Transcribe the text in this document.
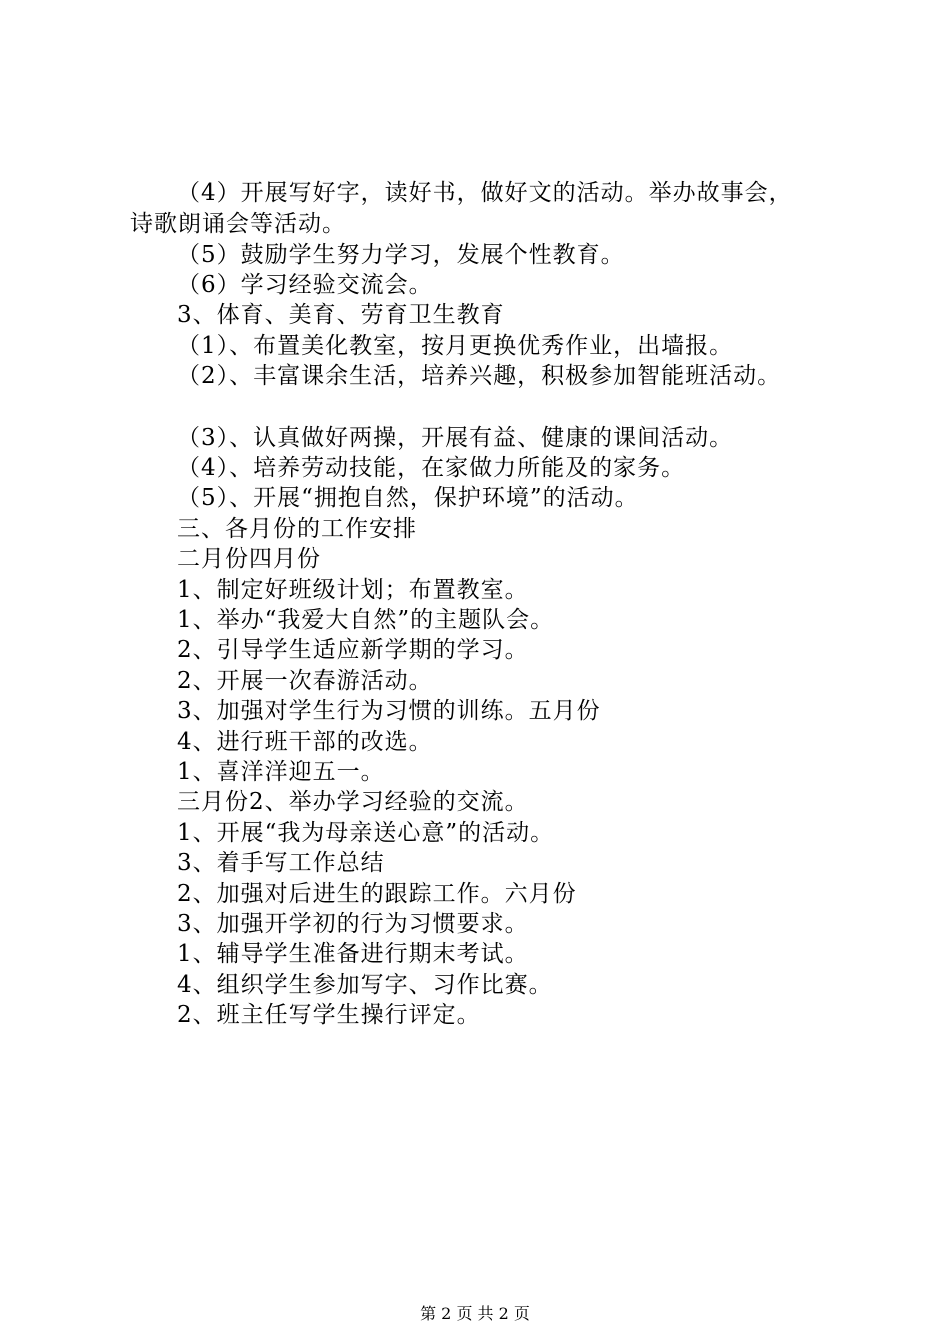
（4）开展写好字，读好书，做好文的活动。举办故事会，
诗歌朗诵会等活动。
（5）鼓励学生努力学习，发展个性教育。
（6）学习经验交流会。
3、体育、美育、劳育卫生教育
（1）、布置美化教室，按月更换优秀作业，出墙报。
（2）、丰富课余生活，培养兴趣，积极参加智能班活动。
（3）、认真做好两操，开展有益、健康的课间活动。
（4）、培养劳动技能，在家做力所能及的家务。
（5）、开展“拥抱自然，保护环境”的活动。
三、各月份的工作安排
二月份四月份
1、制定好班级计划；布置教室。
1、举办“我爱大自然”的主题队会。
2、引导学生适应新学期的学习。
2、开展一次春游活动。
3、加强对学生行为习惯的训练。五月份
4、进行班干部的改选。
1、喜洋洋迎五一。
三月份2、举办学习经验的交流。
1、开展“我为母亲送心意”的活动。
3、着手写工作总结
2、加强对后进生的跟踪工作。六月份
3、加强开学初的行为习惯要求。
1、辅导学生准备进行期末考试。
4、组织学生参加写字、习作比赛。
2、班主任写学生操行评定。
第 2 页 共 2 页
